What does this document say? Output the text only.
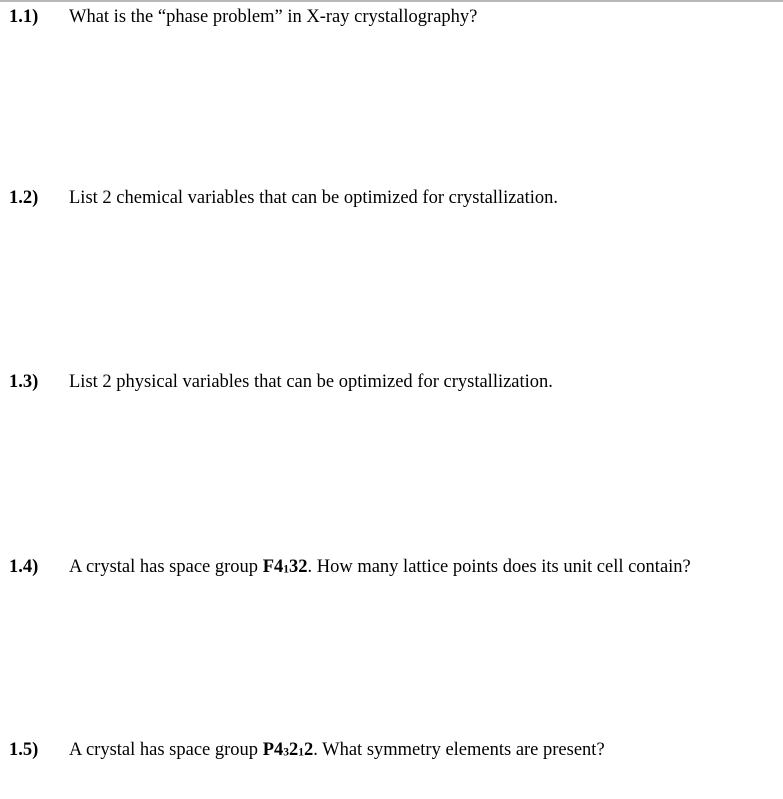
1.1) What is the “phase problem” in X-ray crystallography?
1.2) List 2 chemical variables that can be optimized for crystallization.
1.3) List 2 physical variables that can be optimized for crystallization.
1.4) A crystal has space group $F4_132$. How many lattice points does its unit cell contain?
1.5) A crystal has space group $P4_32_12$. What symmetry elements are present?
